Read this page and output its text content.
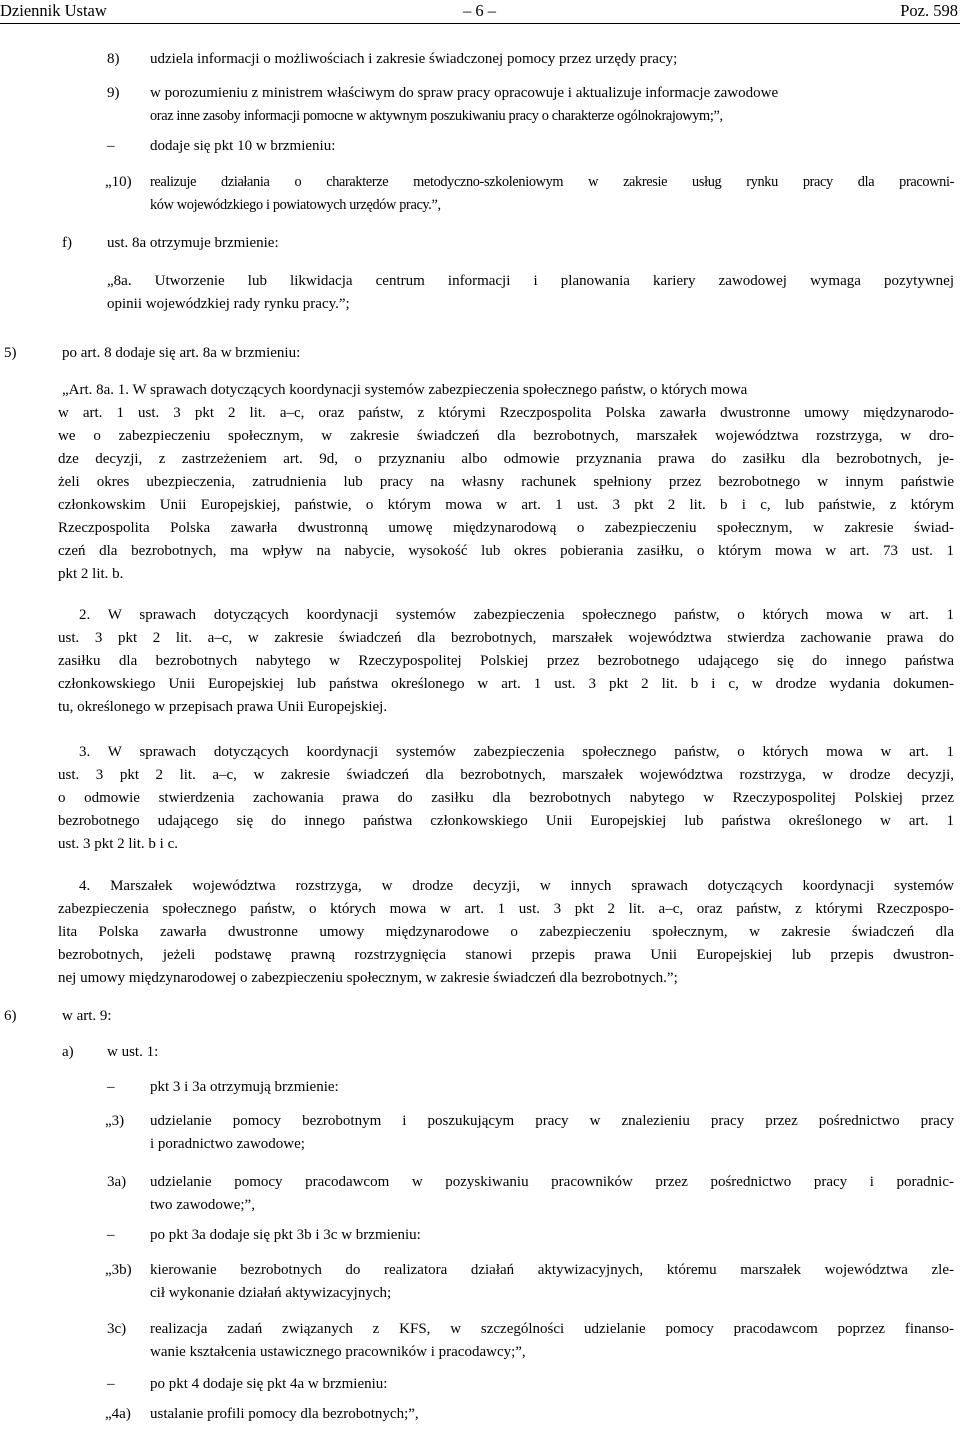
Dziennik Ustaw	– 6 –	Poz. 598
8) udziela informacji o możliwościach i zakresie świadczonej pomocy przez urzędy pracy;
9) w porozumieniu z ministrem właściwym do spraw pracy opracowuje i aktualizuje informacje zawodowe
oraz inne zasoby informacji pomocne w aktywnym poszukiwaniu pracy o charakterze ogólnokrajowym;”,
– dodaje się pkt 10 w brzmieniu:
„10) realizuje działania o charakterze metodyczno-szkoleniowym w zakresie usług rynku pracy dla pracowni-
ków wojewódzkiego i powiatowych urzędów pracy.”,
f) ust. 8a otrzymuje brzmienie:
„8a. Utworzenie lub likwidacja centrum informacji i planowania kariery zawodowej wymaga pozytywnej
opinii wojewódzkiej rady rynku pracy.”;
5)	po art. 8 dodaje się art. 8a w brzmieniu:
„Art. 8a. 1. W sprawach dotyczących koordynacji systemów zabezpieczenia społecznego państw, o których mowa
w art. 1 ust. 3 pkt 2 lit. a–c, oraz państw, z którymi Rzeczpospolita Polska zawarła dwustronne umowy międzynarodo-
we o zabezpieczeniu społecznym, w zakresie świadczeń dla bezrobotnych, marszałek województwa rozstrzyga, w dro-
dze decyzji, z zastrzeżeniem art. 9d, o przyznaniu albo odmowie przyznania prawa do zasiłku dla bezrobotnych, je-
żeli okres ubezpieczenia, zatrudnienia lub pracy na własny rachunek spełniony przez bezrobotnego w innym państwie
członkowskim Unii Europejskiej, państwie, o którym mowa w art. 1 ust. 3 pkt 2 lit. b i c, lub państwie, z którym
Rzeczpospolita Polska zawarła dwustronną umowę międzynarodową o zabezpieczeniu społecznym, w zakresie świad-
czeń dla bezrobotnych, ma wpływ na nabycie, wysokość lub okres pobierania zasiłku, o którym mowa w art. 73 ust. 1
pkt 2 lit. b.
2. W sprawach dotyczących koordynacji systemów zabezpieczenia społecznego państw, o których mowa w art. 1
ust. 3 pkt 2 lit. a–c, w zakresie świadczeń dla bezrobotnych, marszałek województwa stwierdza zachowanie prawa do
zasiłku dla bezrobotnych nabytego w Rzeczypospolitej Polskiej przez bezrobotnego udającego się do innego państwa
członkowskiego Unii Europejskiej lub państwa określonego w art. 1 ust. 3 pkt 2 lit. b i c, w drodze wydania dokumen-
tu, określonego w przepisach prawa Unii Europejskiej.
3. W sprawach dotyczących koordynacji systemów zabezpieczenia społecznego państw, o których mowa w art. 1
ust. 3 pkt 2 lit. a–c, w zakresie świadczeń dla bezrobotnych, marszałek województwa rozstrzyga, w drodze decyzji,
o odmowie stwierdzenia zachowania prawa do zasiłku dla bezrobotnych nabytego w Rzeczypospolitej Polskiej przez
bezrobotnego udającego się do innego państwa członkowskiego Unii Europejskiej lub państwa określonego w art. 1
ust. 3 pkt 2 lit. b i c.
4. Marszałek województwa rozstrzyga, w drodze decyzji, w innych sprawach dotyczących koordynacji systemów
zabezpieczenia społecznego państw, o których mowa w art. 1 ust. 3 pkt 2 lit. a–c, oraz państw, z którymi Rzeczpospo-
lita Polska zawarła dwustronne umowy międzynarodowe o zabezpieczeniu społecznym, w zakresie świadczeń dla
bezrobotnych, jeżeli podstawę prawną rozstrzygnięcia stanowi przepis prawa Unii Europejskiej lub przepis dwustron-
nej umowy międzynarodowej o zabezpieczeniu społecznym, w zakresie świadczeń dla bezrobotnych.”;
6)	w art. 9:
a) w ust. 1:
– pkt 3 i 3a otrzymują brzmienie:
„3) udzielanie pomocy bezrobotnym i poszukującym pracy w znalezieniu pracy przez pośrednictwo pracy
i poradnictwo zawodowe;
3a) udzielanie pomocy pracodawcom w pozyskiwaniu pracowników przez pośrednictwo pracy i poradnic-
two zawodowe;”,
– po pkt 3a dodaje się pkt 3b i 3c w brzmieniu:
„3b) kierowanie bezrobotnych do realizatora działań aktywizacyjnych, któremu marszałek województwa zle-
cił wykonanie działań aktywizacyjnych;
3c) realizacja zadań związanych z KFS, w szczególności udzielanie pomocy pracodawcom poprzez finanso-
wanie kształcenia ustawicznego pracowników i pracodawcy;”,
– po pkt 4 dodaje się pkt 4a w brzmieniu:
„4a) ustalanie profili pomocy dla bezrobotnych;”,
